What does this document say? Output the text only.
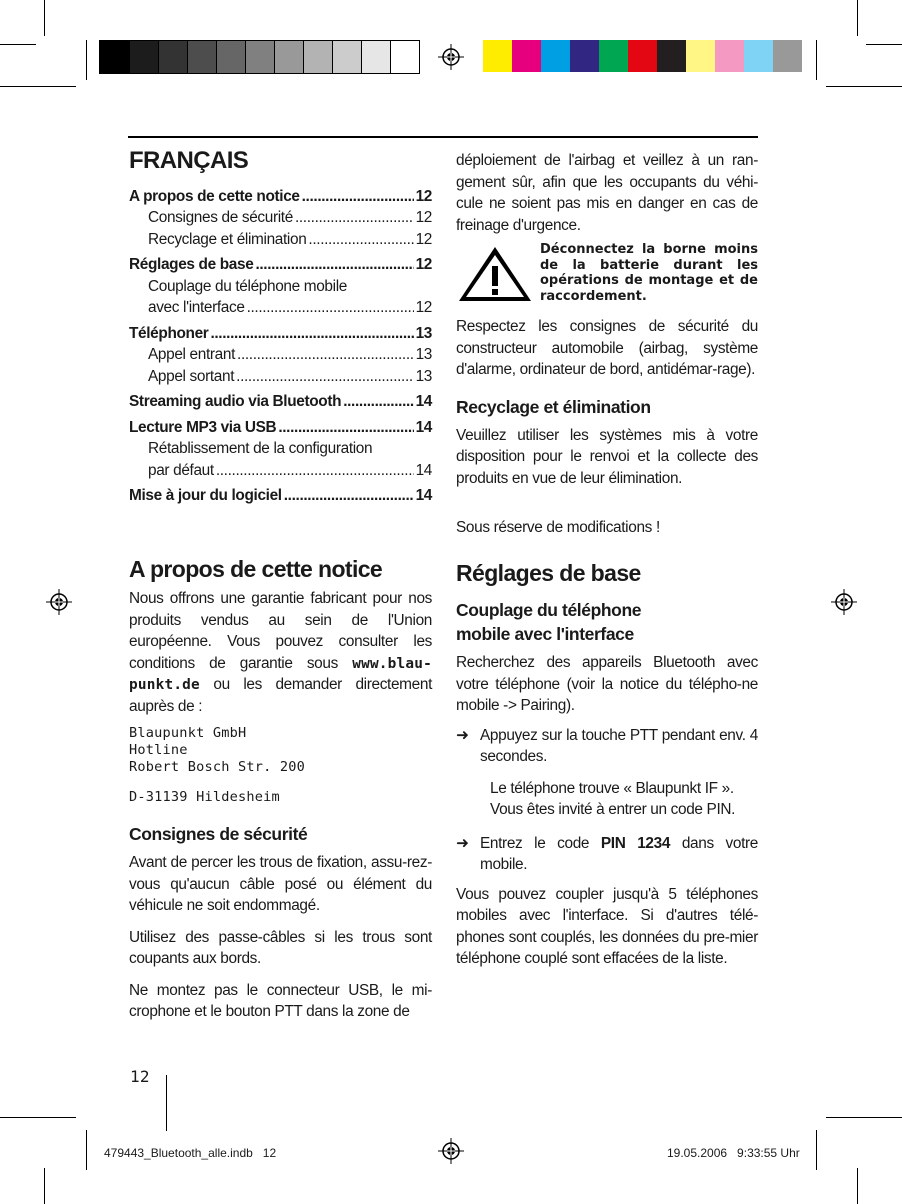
FRANÇAIS
A propos de cette notice .....	12
Consignes de sécurité .....	12
Recyclage et élimination .....	12
Réglages de base .....	12
Couplage du téléphone mobile
avec l'interface .....	12
Téléphoner .....	13
Appel entrant .....	13
Appel sortant .....	13
Streaming audio via Bluetooth .....	14
Lecture MP3 via USB .....	14
Rétablissement de la configuration
par défaut .....	14
Mise à jour du logiciel .....	14
A propos de cette notice

Nous offrons une garantie fabricant pour nos produits vendus au sein de l'Union européenne. Vous pouvez consulter les conditions de garantie sous www.blau-punkt.de ou les demander directement auprès de :

Blaupunkt GmbH
Hotline
Robert Bosch Str. 200
D-31139 Hildesheim
Consignes de sécurité

Avant de percer les trous de fixation, assu-rez-vous qu'aucun câble posé ou élément du véhicule ne soit endommagé.

Utilisez des passe-câbles si les trous sont coupants aux bords.

Ne montez pas le connecteur USB, le mi-crophone et le bouton PTT dans la zone de

12

déploiement de l'airbag et veillez à un ran-gement sûr, afin que les occupants du véhi-cule ne soient pas mis en danger en cas de freinage d'urgence.

Déconnectez la borne moins de la batterie durant les opérations de montage et de raccordement.

Respectez les consignes de sécurité du constructeur automobile (airbag, système d'alarme, ordinateur de bord, antidémar-rage).

Recyclage et élimination

Veuillez utiliser les systèmes mis à votre disposition pour le renvoi et la collecte des produits en vue de leur élimination.

Sous réserve de modifications !

Réglages de base
Couplage du téléphone
mobile avec l'interface

Recherchez des appareils Bluetooth avec votre téléphone (voir la notice du télépho-ne mobile -> Pairing).

➜ Appuyez sur la touche PTT pendant env. 4 secondes.
Le téléphone trouve « Blaupunkt IF ». Vous êtes invité à entrer un code PIN.
➜ Entrez le code PIN 1234 dans votre mobile.

Vous pouvez coupler jusqu'à 5 téléphones mobiles avec l'interface. Si d'autres télé-phones sont couplés, les données du pre-mier téléphone couplé sont effacées de la liste.

479443_Bluetooth_alle.indb   12	19.05.2006   9:33:55 Uhr
